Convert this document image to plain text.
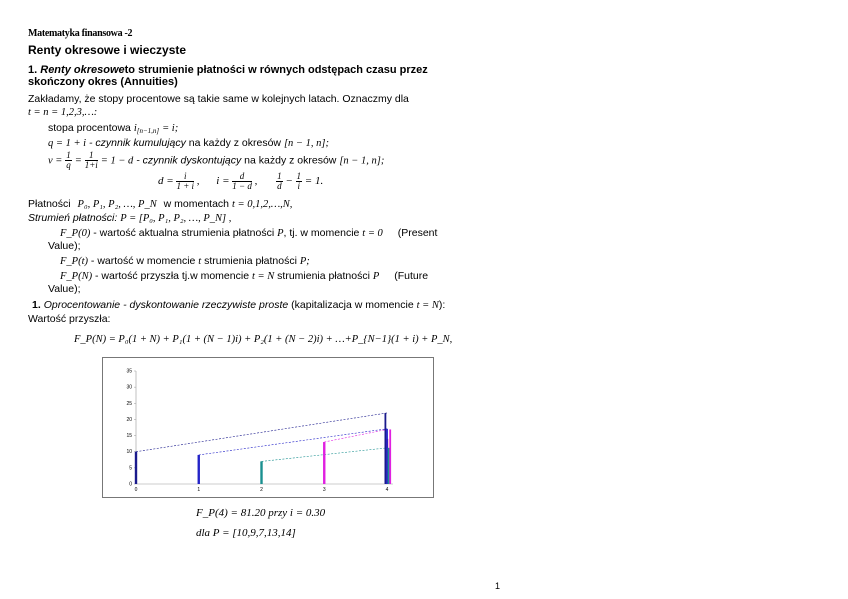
Matematyka finansowa -2
Renty okresowe i wieczyste
1. Renty okresoweto strumienie płatności w równych odstępach czasu przez
skończony okres (Annuities)
Zakładamy, że stopy procentowe są takie same w kolejnych latach. Oznaczmy dla
t = n = 1,2,3,…:
stopa procentowa $i_{[n-1,n]} = i$;
q = 1 + i - czynnik kumulujący na każdy z okresów [n − 1, n];
$v = \frac{1}{q} = \frac{1}{1+i} = 1 - d$ - czynnik dyskontujący na każdy z okresów [n − 1, n];
$d = \frac{i}{1 + i}$ , $i = \frac{d}{1 - d}$ , $\frac{1}{d} - \frac{1}{i} = 1$.
Płatności P₀, P₁, P₂, …, P_N w momentach t = 0,1,2,…,N,
Strumień płatności: P = [P₀, P₁, P₂, …, P_N] ,
F_P(0) - wartość aktualna strumienia płatności P, tj. w momencie t = 0 (Present
Value);
F_P(t) - wartość w momencie t strumienia płatności P;
F_P(N) - wartość przyszła tj.w momencie t = N strumienia płatności P (Future
Value);
1. Oprocentowanie - dyskontowanie rzeczywiste proste (kapitalizacja w momencie t = N):
Wartość przyszła:
F_P(N) = P₀(1 + N) + P₁(1 + (N − 1)i) + P₂(1 + (N − 2)i) + …+P_{N−1}(1 + i) + P_N,
0
5
10
15
20
25
30
35
0	1	2	3	4
F_P(4) = 81.20 przy i = 0.30
dla P = [10,9,7,13,14]
1
